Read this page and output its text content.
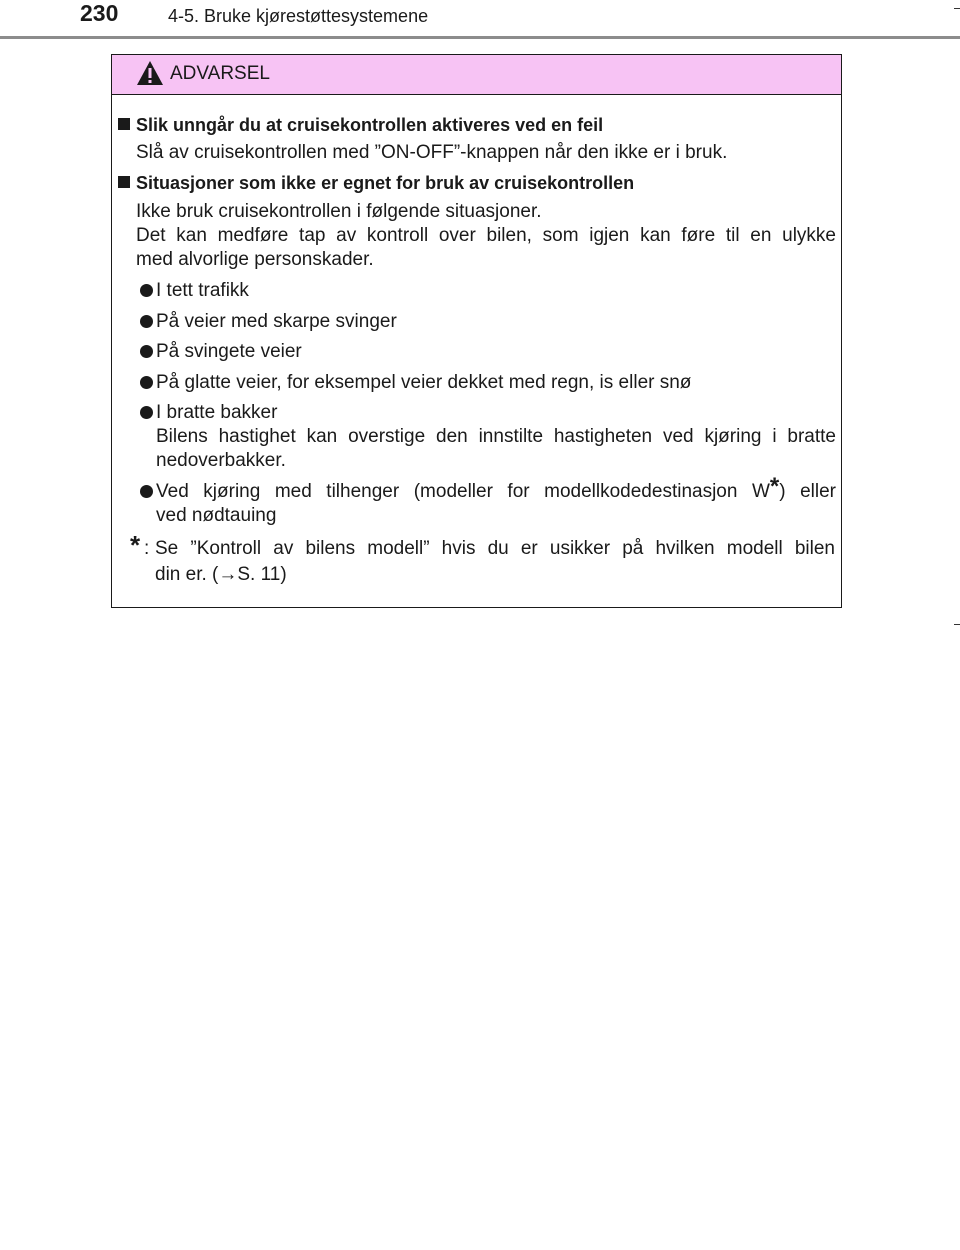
230	4-5. Bruke kjørestøttesystemene
ADVARSEL
Slik unngår du at cruisekontrollen aktiveres ved en feil
Slå av cruisekontrollen med ”ON-OFF”-knappen når den ikke er i bruk.
Situasjoner som ikke er egnet for bruk av cruisekontrollen
Ikke bruk cruisekontrollen i følgende situasjoner.
Det kan medføre tap av kontroll over bilen, som igjen kan føre til en ulykke
med alvorlige personskader.
I tett trafikk
På veier med skarpe svinger
På svingete veier
På glatte veier, for eksempel veier dekket med regn, is eller snø
I bratte bakker
Bilens hastighet kan overstige den innstilte hastigheten ved kjøring i bratte
nedoverbakker.
Ved kjøring med tilhenger (modeller for modellkodedestinasjon W*) eller
ved nødtauing
* : Se ”Kontroll av bilens modell” hvis du er usikker på hvilken modell bilen
din er. (→S. 11)
